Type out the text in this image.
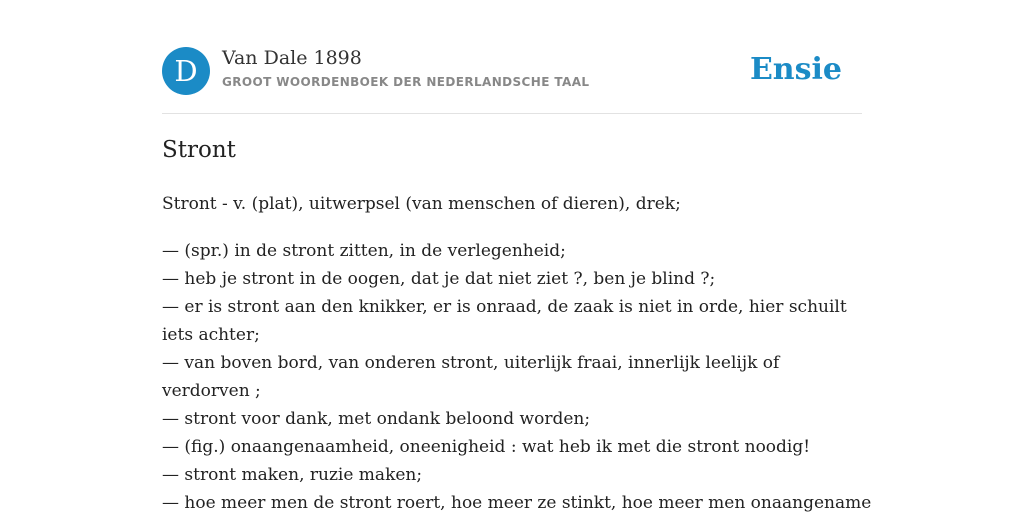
D	Van Dale 1898
GROOT WOORDENBOEK DER NEDERLANDSCHE TAAL	Ensie
Stront

Stront - v. (plat), uitwerpsel (van menschen of dieren), drek;

— (spr.) in de stront zitten, in de verlegenheid;
— heb je stront in de oogen, dat je dat niet ziet ?, ben je blind ?;
— er is stront aan den knikker, er is onraad, de zaak is niet in orde, hier schuilt iets achter;
— van boven bord, van onderen stront, uiterlijk fraai, innerlijk leelijk of verdorven ;
— stront voor dank, met ondank beloond worden;
— (fig.) onaangenaamheid, oneenigheid : wat heb ik met die stront noodig!
— stront maken, ruzie maken;
— hoe meer men de stront roert, hoe meer ze stinkt, hoe meer men onaangename
